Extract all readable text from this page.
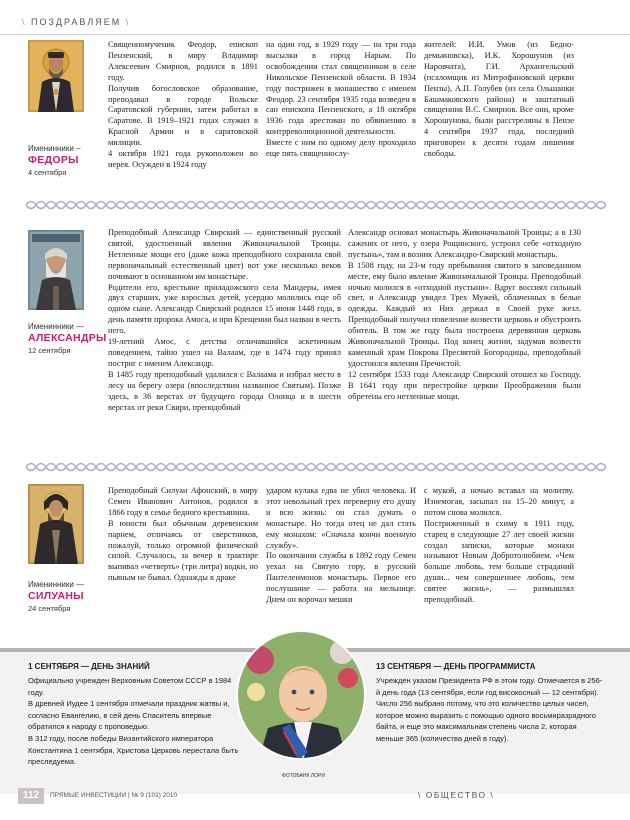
\ ПОЗДРАВЛЯЕМ \
Именинники –
ФЕДОРЫ
4 сентября

Священномученик Феодор, епископ Пензенский, в миру Владимир Алексеевич Смирнов, родился в 1891 году.

Получив богословское образование, преподавал в городе Вольске Саратовской губернии, затем работал в Саратове. В 1919–1921 годах служил в Красной Армии и в саратовской милиции.

4 октября 1921 года рукоположен во иерея. Осужден в 1924 году

на один год, в 1929 году — на три года высылки в город Нарым. По освобождении стал священником в селе Никольское Пензенской области. В 1934 году пострижен в монашество с именем Феодор. 23 сентября 1935 года возведен в сан епископа Пензенского, а 18 октября 1936 года арестован по обвинению в контрреволюционной деятельности.

Вместе с ним по одному делу проходило еще пять священнослу-

жителей: И.И. Умов (из Бедно-демьяновска), И.К. Хорошунов (из Наровчата), Г.И. Архангельский (псаломщик из Митрофановской церкви Пензы), А.П. Голубев (из села Ольшанки Башмаковского района) и заштатный священник В.С. Смирнов. Все они, кроме Хорошунова, были расстреляны в Пензе 4 сентября 1937 года, последний приговорен к десяти годам лишения свободы.

Именинники —
АЛЕКСАНДРЫ
12 сентября

Преподобный Александр Свирский — единственный русский святой, удостоенный явления Живоначальной Троицы. Нетленные мощи его (даже кожа преподобного сохранила свой первоначальный естественный цвет) вот уже несколько веков почивают в основанном им монастыре.

Родители его, крестьяне приладожского села Мандеры, имея двух старших, уже взрослых детей, усердно молились еще об одном сыне. Александр Свирский родился 15 июня 1448 года, в день памяти пророка Амоса, и при Крещении был назван в честь него.

19-летний Амос, с детства отличавшийся аскетичным поведением, тайно ушел на Валаам, где в 1474 году принял постриг с именем Александр.

В 1485 году преподобный удалился с Валаама и избрал место в лесу на берегу озера (впоследствии названное Святым). Позже здесь, в 36 верстах от будущего города Олонца и в шести верстах от реки Свири, преподобный

Александр основал монастырь Живоначальной Троицы; а в 130 саженях от него, у озера Рощинского, устроил себе «отходную пустынь», там и возник Александро-Свирский монастырь.

В 1508 году, на 23-м году пребывания святого в заповеданном месте, ему было явление Живоначальной Троицы. Преподобный ночью молился в «отходной пустыни». Вдруг воссиял сильный свет, и Александр увидел Трех Мужей, облаченных в белые одежды. Каждый из Них держал в Своей руке жезл. Преподобный получил повеление возвести церковь и обустроить обитель. В том же году была построена деревянная церковь Живоначальной Троицы. Под конец жизни, задумав возвести каменный храм Покрова Пресвятой Богородицы, преподобный удостоился явления Пречистой.

12 сентября 1533 года Александр Свирский отошел ко Господу. В 1641 году при перестройке церкви Преображения были обретены его нетленные мощи.

Именинники —
СИЛУАНЫ
24 сентября

Преподобный Силуан Афонский, в миру Семен Иванович Антонов, родился в 1866 году в семье бедного крестьянина.

В юности был обычным деревенским парнем, отличаясь от сверстников, пожалуй, только огромной физической силой. Случалось, за вечер в трактире выпивал «четверть» (три литра) водки, но пьяным не бывал. Однажды в драке

ударом кулака едва не убил человека. И этот невольный грех переверну его душу и всю жизнь: он стал думать о монастыре. Но тогда отец не дал стать ему монахом: «Сначала кончи военную службу».

По окончании службы в 1892 году Семен уехал на Святую гору, в русский Пантелеимонов монастырь. Первое его послушание — работа на мельнице. Днем он ворочал мешки

с мукой, а ночью вставал на молитву. Изнемогая, засыпал на 15–20 минут, а потом снова молился.

Постриженный в схиму в 1911 году, старец в следующие 27 лет своей жизни создал записки, которые монахи называют Новым Добротолюбием. «Чем больше любовь, тем больше страданий души... чем совершеннее любовь, тем святее жизнь», — размышлял преподобный.

1 СЕНТЯБРЯ — ДЕНЬ ЗНАНИЙ

Официально учрежден Верховным Советом СССР в 1984 году.

В древней Иудее 1 сентября отмечали праздник жатвы и, согласно Евангелию, в сей день Спаситель впервые обратился к народу с проповедью.

В 312 году, после победы Византийского императора Константина 1 сентября, Христова Церковь перестала быть преследуема.

ФОТОБАНК ЛОРИ
13 СЕНТЯБРЯ — ДЕНЬ ПРОГРАММИСТА

Учрежден указом Президента РФ в этом году. Отмечается в 256-й день года (13 сентября, если год високосный — 12 сентября).

Число 256 выбрано потому, что это количество целых чисел, которое можно выразить с помощью одного восьмиразрядного байта, и еще это максимальная степень числа 2, которая меньше 365 (количества дней в году).

112	ПРЯМЫЕ ИНВЕСТИЦИИ | № 9 (101) 2010	\ ОБЩЕСТВО \
